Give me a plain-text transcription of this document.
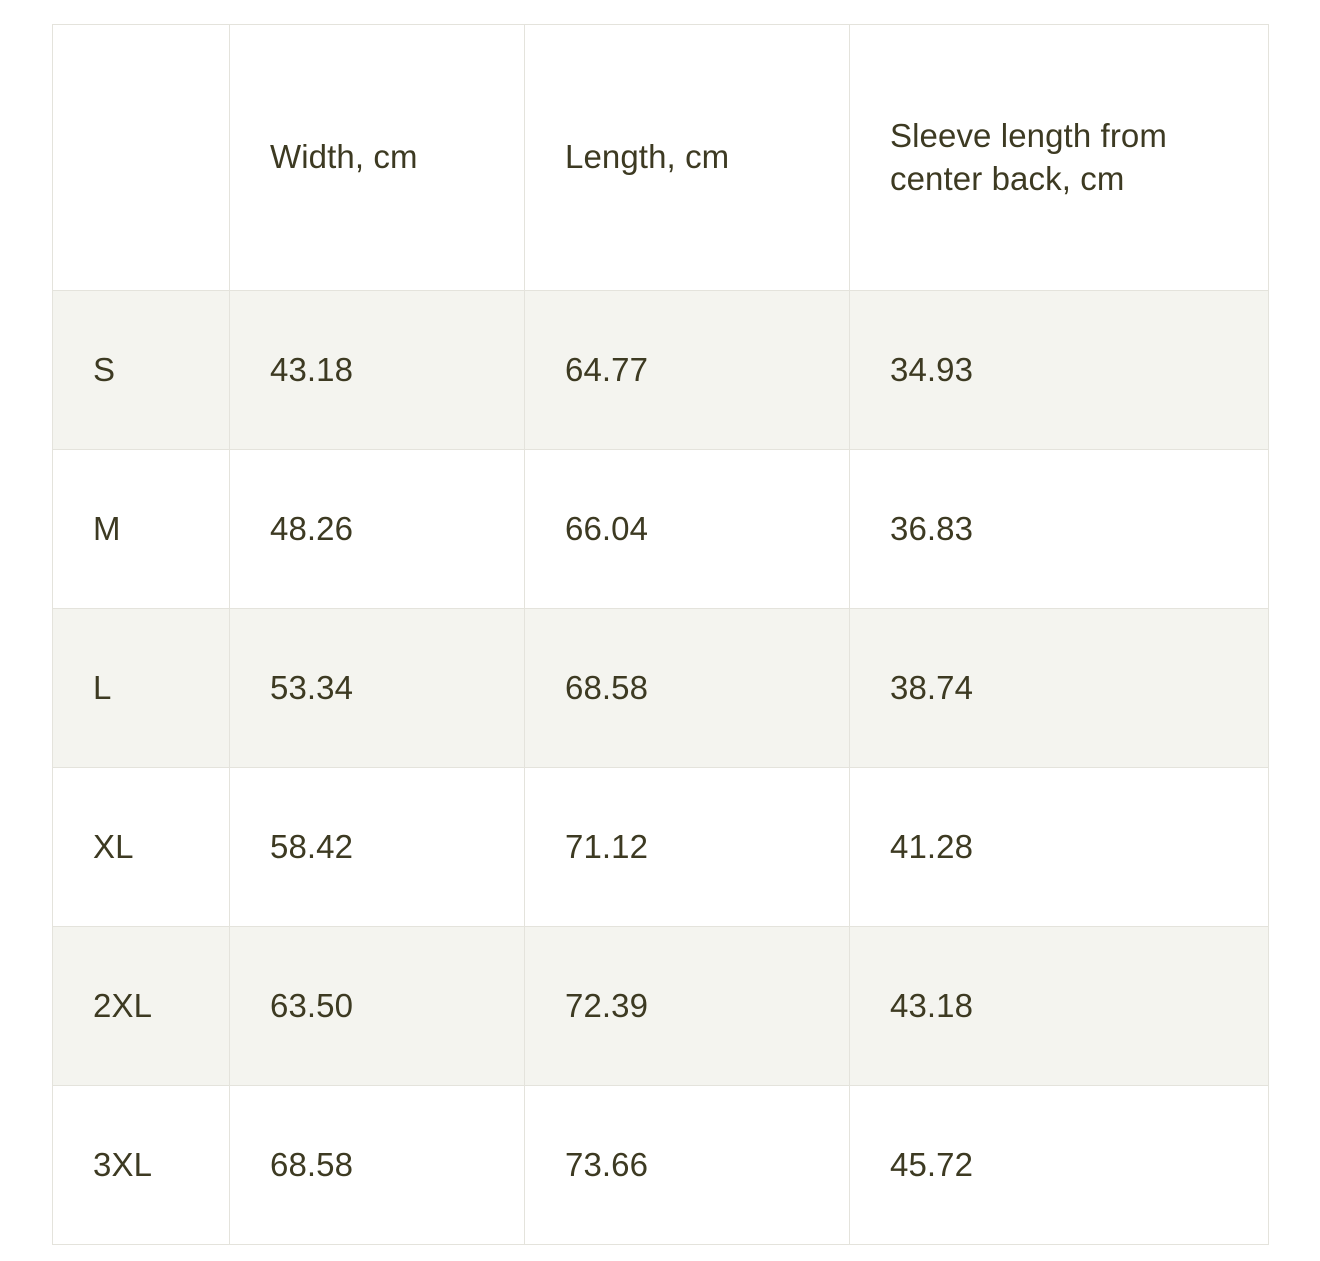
	Width, cm	Length, cm	Sleeve length from center back, cm

S	43.18	64.77	34.93
M	48.26	66.04	36.83
L	53.34	68.58	38.74
XL	58.42	71.12	41.28
2XL	63.50	72.39	43.18
3XL	68.58	73.66	45.72
